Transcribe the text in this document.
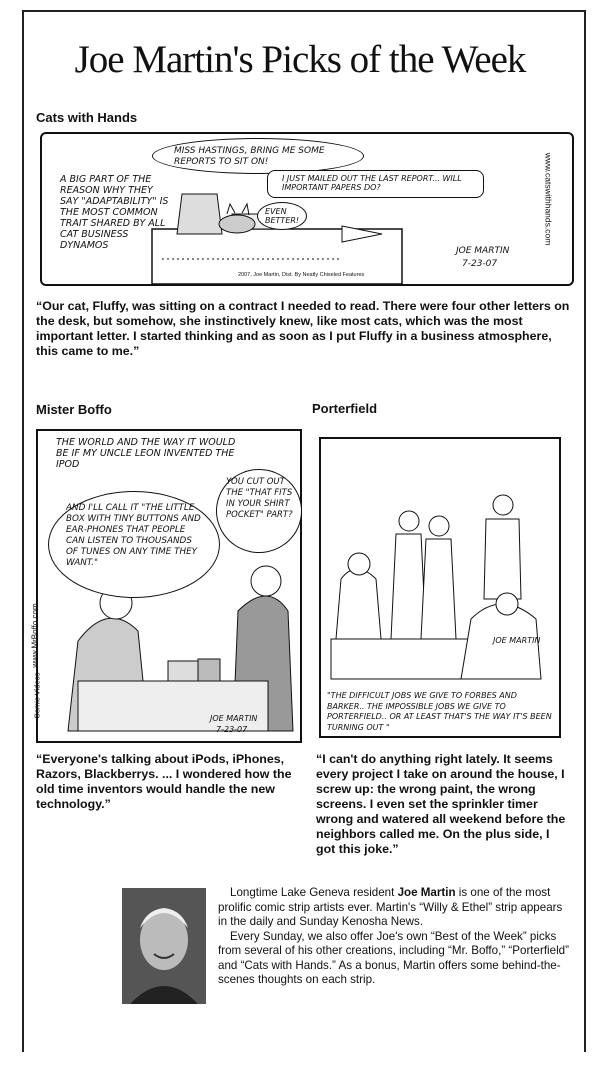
Joe Martin's Picks of the Week
Cats with Hands
A BIG PART OF THE REASON WHY THEY SAY "ADAPTABILITY" IS THE MOST COMMON TRAIT SHARED BY ALL CAT BUSINESS DYNAMOS
MISS HASTINGS, BRING ME SOME REPORTS TO SIT ON!
I JUST MAILED OUT THE LAST REPORT... WILL IMPORTANT PAPERS DO?
EVEN BETTER!
JOE MARTIN
7-23-07
2007, Joe Martin, Dist. By Neatly Chiseled Features
www.catswithhands.com
“Our cat, Fluffy, was sitting on a contract I needed to read. There were four other letters on the desk, but somehow, she instinctively knew, like most cats, which was the most important letter. I started thinking and as soon as I put Fluffy in a business atmosphere, this came to me.”
Mister Boffo
THE WORLD AND THE WAY IT WOULD BE IF MY UNCLE LEON INVENTED THE IPOD
AND I'LL CALL IT "THE LITTLE BOX WITH TINY BUTTONS AND EAR-PHONES THAT PEOPLE CAN LISTEN TO THOUSANDS OF TUNES ON ANY TIME THEY WANT."
YOU CUT OUT THE "THAT FITS IN YOUR SHIRT POCKET" PART?
www.MrBoffo.com
Comic Videos	JOE MARTIN
7-23-07
“Everyone's talking about iPods, iPhones, Razors, Blackberrys. ... I wondered how the old time inventors would handle the new technology.”
Porterfield
JOE MARTIN
"THE DIFFICULT JOBS WE GIVE TO FORBES AND BARKER.. THE IMPOSSIBLE JOBS WE GIVE TO PORTERFIELD.. OR AT LEAST THAT'S THE WAY IT'S BEEN TURNING OUT "
“I can't do anything right lately. It seems every project I take on around the house, I screw up: the wrong paint, the wrong screens. I even set the sprinkler timer wrong and watered all weekend before the neighbors called me. On the plus side, I got this joke.”

Longtime Lake Geneva resident Joe Martin is one of the most prolific comic strip artists ever. Martin's “Willy & Ethel” strip appears in the daily and Sunday Kenosha News.

Every Sunday, we also offer Joe's own “Best of the Week” picks from several of his other creations, including “Mr. Boffo,” “Porterfield” and “Cats with Hands.” As a bonus, Martin offers some behind-the-scenes thoughts on each strip.
